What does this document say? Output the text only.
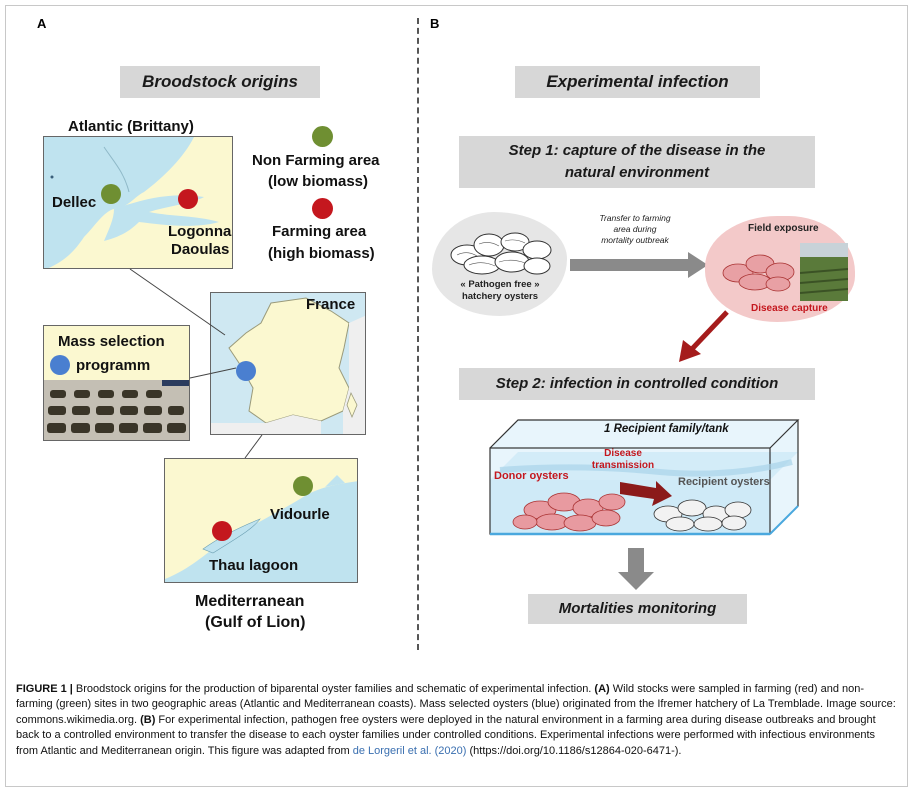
A
Broodstock origins
Atlantic (Brittany)
Dellec
Logonna
Daoulas
Non Farming area
(low biomass)
Farming area
(high biomass)
France
Mass selection
programm
Vidourle
Thau lagoon
Mediterranean
(Gulf of Lion)
B
Experimental infection
Step 1: capture of the disease in the
natural environment
« Pathogen free »
hatchery oysters
Transfer to farming
area during
mortality outbreak
Field exposure
Disease capture
Step 2: infection in controlled condition
1 Recipient family/tank
Donor oysters
Disease
transmission
Recipient oysters
Mortalities monitoring
FIGURE 1 | Broodstock origins for the production of biparental oyster families and schematic of experimental infection. (A) Wild stocks were sampled in farming (red) and non-farming (green) sites in two geographic areas (Atlantic and Mediterranean coasts). Mass selected oysters (blue) originated from the Ifremer hatchery of La Tremblade. Image source: commons.wikimedia.org. (B) For experimental infection, pathogen free oysters were deployed in the natural environment in a farming area during disease outbreaks and brought back to a controlled environment to transfer the disease to each oyster families under controlled conditions. Experimental infections were performed with infectious environments from Atlantic and Mediterranean origin. This figure was adapted from de Lorgeril et al. (2020) (https://doi.org/10.1186/s12864-020-6471-).
